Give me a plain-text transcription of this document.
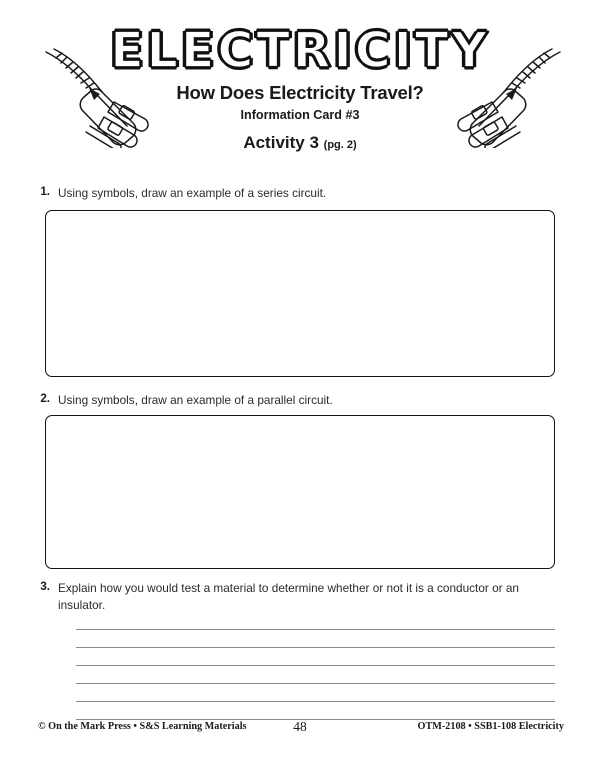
ELECTRICITY
How Does Electricity Travel?
Information Card #3
Activity 3 (pg. 2)
1. Using symbols, draw an example of a series circuit.
2. Using symbols, draw an example of a parallel circuit.
3. Explain how you would test a material to determine whether or not it is a conductor or an insulator.
© On the Mark Press • S&S Learning Materials	48	OTM-2108 • SSB1-108 Electricity
